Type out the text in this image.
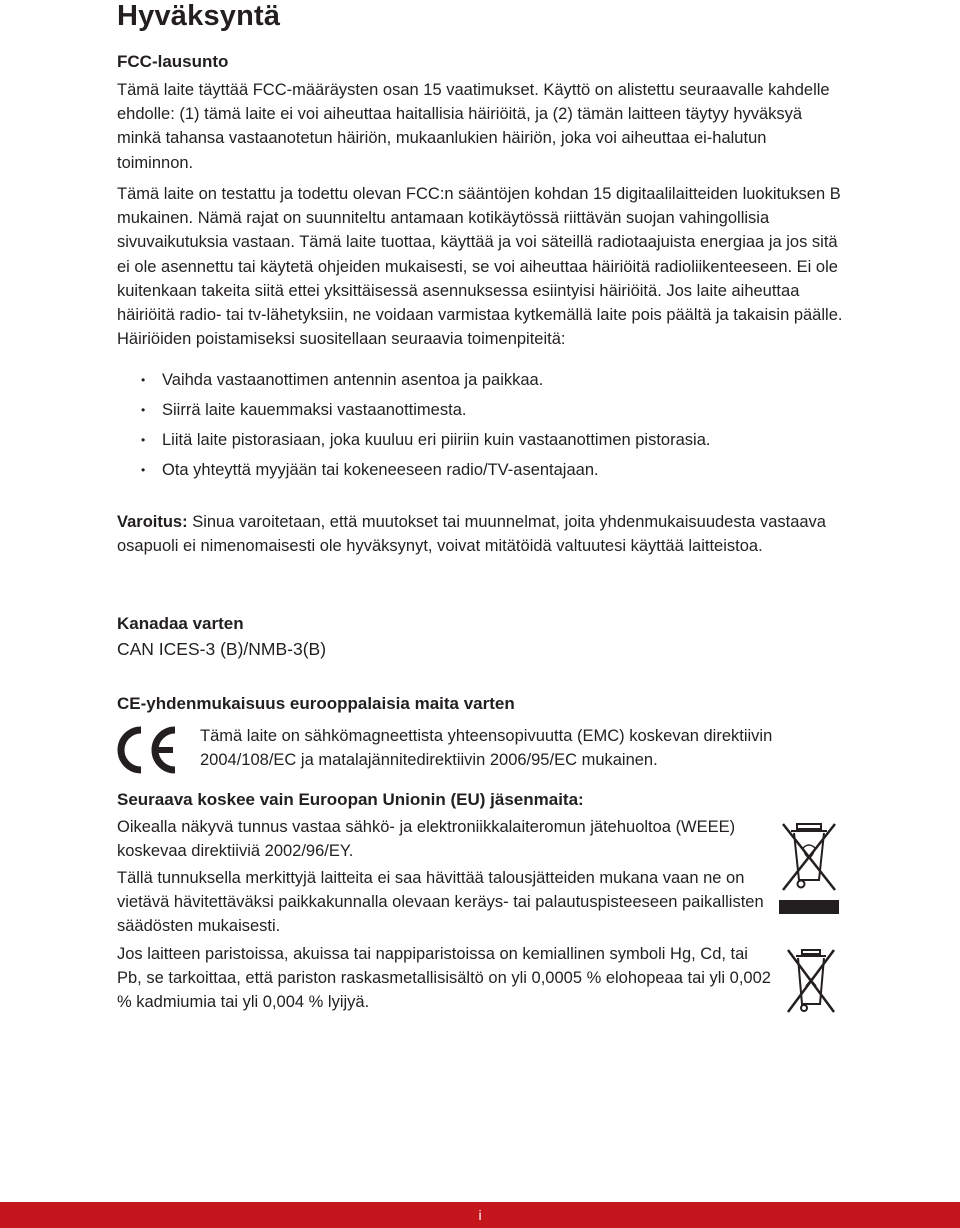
Hyväksyntä
FCC-lausunto

Tämä laite täyttää FCC-määräysten osan 15 vaatimukset. Käyttö on alistettu seuraavalle kahdelle ehdolle: (1) tämä laite ei voi aiheuttaa haitallisia häiriöitä, ja (2) tämän laitteen täytyy hyväksyä minkä tahansa vastaanotetun häiriön, mukaanlukien häiriön, joka voi aiheuttaa ei-halutun toiminnon.

Tämä laite on testattu ja todettu olevan FCC:n sääntöjen kohdan 15 digitaalilaitteiden luokituksen B mukainen. Nämä rajat on suunniteltu antamaan kotikäytössä riittävän suojan vahingollisia sivuvaikutuksia vastaan. Tämä laite tuottaa, käyttää ja voi säteillä radiotaajuista energiaa ja jos sitä ei ole asennettu tai käytetä ohjeiden mukaisesti, se voi aiheuttaa häiriöitä radioliikenteeseen. Ei ole kuitenkaan takeita siitä ettei yksittäisessä asennuksessa esiintyisi häiriöitä. Jos laite aiheuttaa häiriöitä radio- tai tv-lähetyksiin, ne voidaan varmistaa kytkemällä laite pois päältä ja takaisin päälle. Häiriöiden poistamiseksi suositellaan seuraavia toimenpiteitä:

• Vaihda vastaanottimen antennin asentoa ja paikkaa.
• Siirrä laite kauemmaksi vastaanottimesta.
• Liitä laite pistorasiaan, joka kuuluu eri piiriin kuin vastaanottimen pistorasia.
• Ota yhteyttä myyjään tai kokeneeseen radio/TV-asentajaan.

Varoitus: Sinua varoitetaan, että muutokset tai muunnelmat, joita yhdenmukaisuudesta vastaava osapuoli ei nimenomaisesti ole hyväksynyt, voivat mitätöidä valtuutesi käyttää laitteistoa.

Kanadaa varten
CAN ICES-3 (B)/NMB-3(B)
CE-yhdenmukaisuus eurooppalaisia maita varten

Tämä laite on sähkömagneettista yhteensopivuutta (EMC) koskevan direktiivin 2004/108/EC ja matalajännitedirektiivin 2006/95/EC mukainen.

Seuraava koskee vain Euroopan Unionin (EU) jäsenmaita:

Oikealla näkyvä tunnus vastaa sähkö- ja elektroniikkalaiteromun jätehuoltoa (WEEE) koskevaa direktiiviä 2002/96/EY.

Tällä tunnuksella merkittyjä laitteita ei saa hävittää talousjätteiden mukana vaan ne on vietävä hävitettäväksi paikkakunnalla olevaan keräys- tai palautuspisteeseen paikallisten säädösten mukaisesti.

Jos laitteen paristoissa, akuissa tai nappiparistoissa on kemiallinen symboli Hg, Cd, tai Pb, se tarkoittaa, että pariston raskasmetallisisältö on yli 0,0005 % elohopeaa tai yli 0,002 % kadmiumia tai yli 0,004 % lyijyä.

i
